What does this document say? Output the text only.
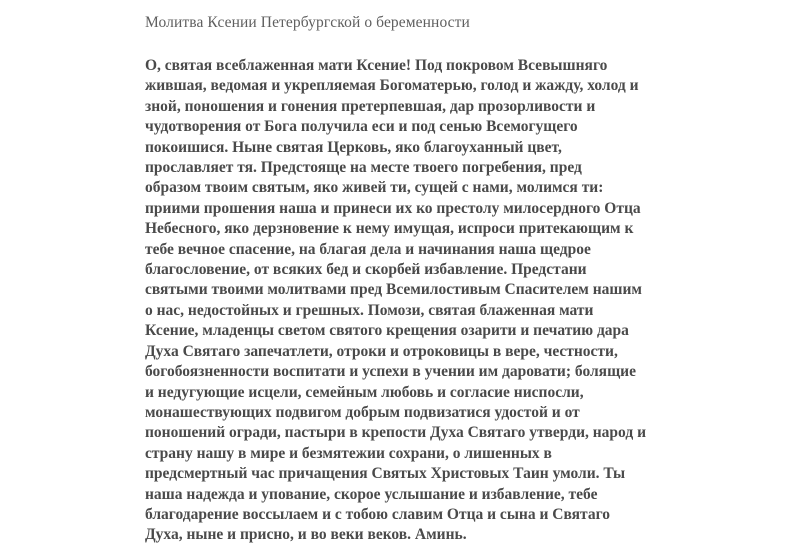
Молитва Ксении Петербургской о беременности
О, святая всеблаженная мати Ксение! Под покровом Всевышняго
жившая, ведомая и укрепляемая Богоматерью, голод и жажду, холод и
зной, поношения и гонения претерпевшая, дар прозорливости и
чудотворения от Бога получила еси и под сенью Всемогущего
покоишися. Ныне святая Церковь, яко благоуханный цвет,
прославляет тя. Предстояще на месте твоего погребения, пред
образом твоим святым, яко живей ти, сущей с нами, молимся ти:
приими прошения наша и принеси их ко престолу милосердного Отца
Небесного, яко дерзновение к нему имущая, испроси притекающим к
тебе вечное спасение, на благая дела и начинания наша щедрое
благословение, от всяких бед и скорбей избавление. Предстани
святыми твоими молитвами пред Всемилостивым Спасителем нашим
о нас, недостойных и грешных. Помози, святая блаженная мати
Ксение, младенцы светом святого крещения озарити и печатию дара
Духа Святаго запечатлети, отроки и отроковицы в вере, честности,
богобоязненности воспитати и успехи в учении им даровати; болящие
и недугующие исцели, семейным любовь и согласие ниспосли,
монашествующих подвигом добрым подвизатися удостой и от
поношений огради, пастыри в крепости Духа Святаго утверди, народ и
страну нашу в мире и безмятежии сохрани, о лишенных в
предсмертный час причащения Святых Христовых Таин умоли. Ты
наша надежда и упование, скорое услышание и избавление, тебе
благодарение воссылаем и с тобою славим Отца и сына и Святаго
Духа, ныне и присно, и во веки веков. Аминь.
